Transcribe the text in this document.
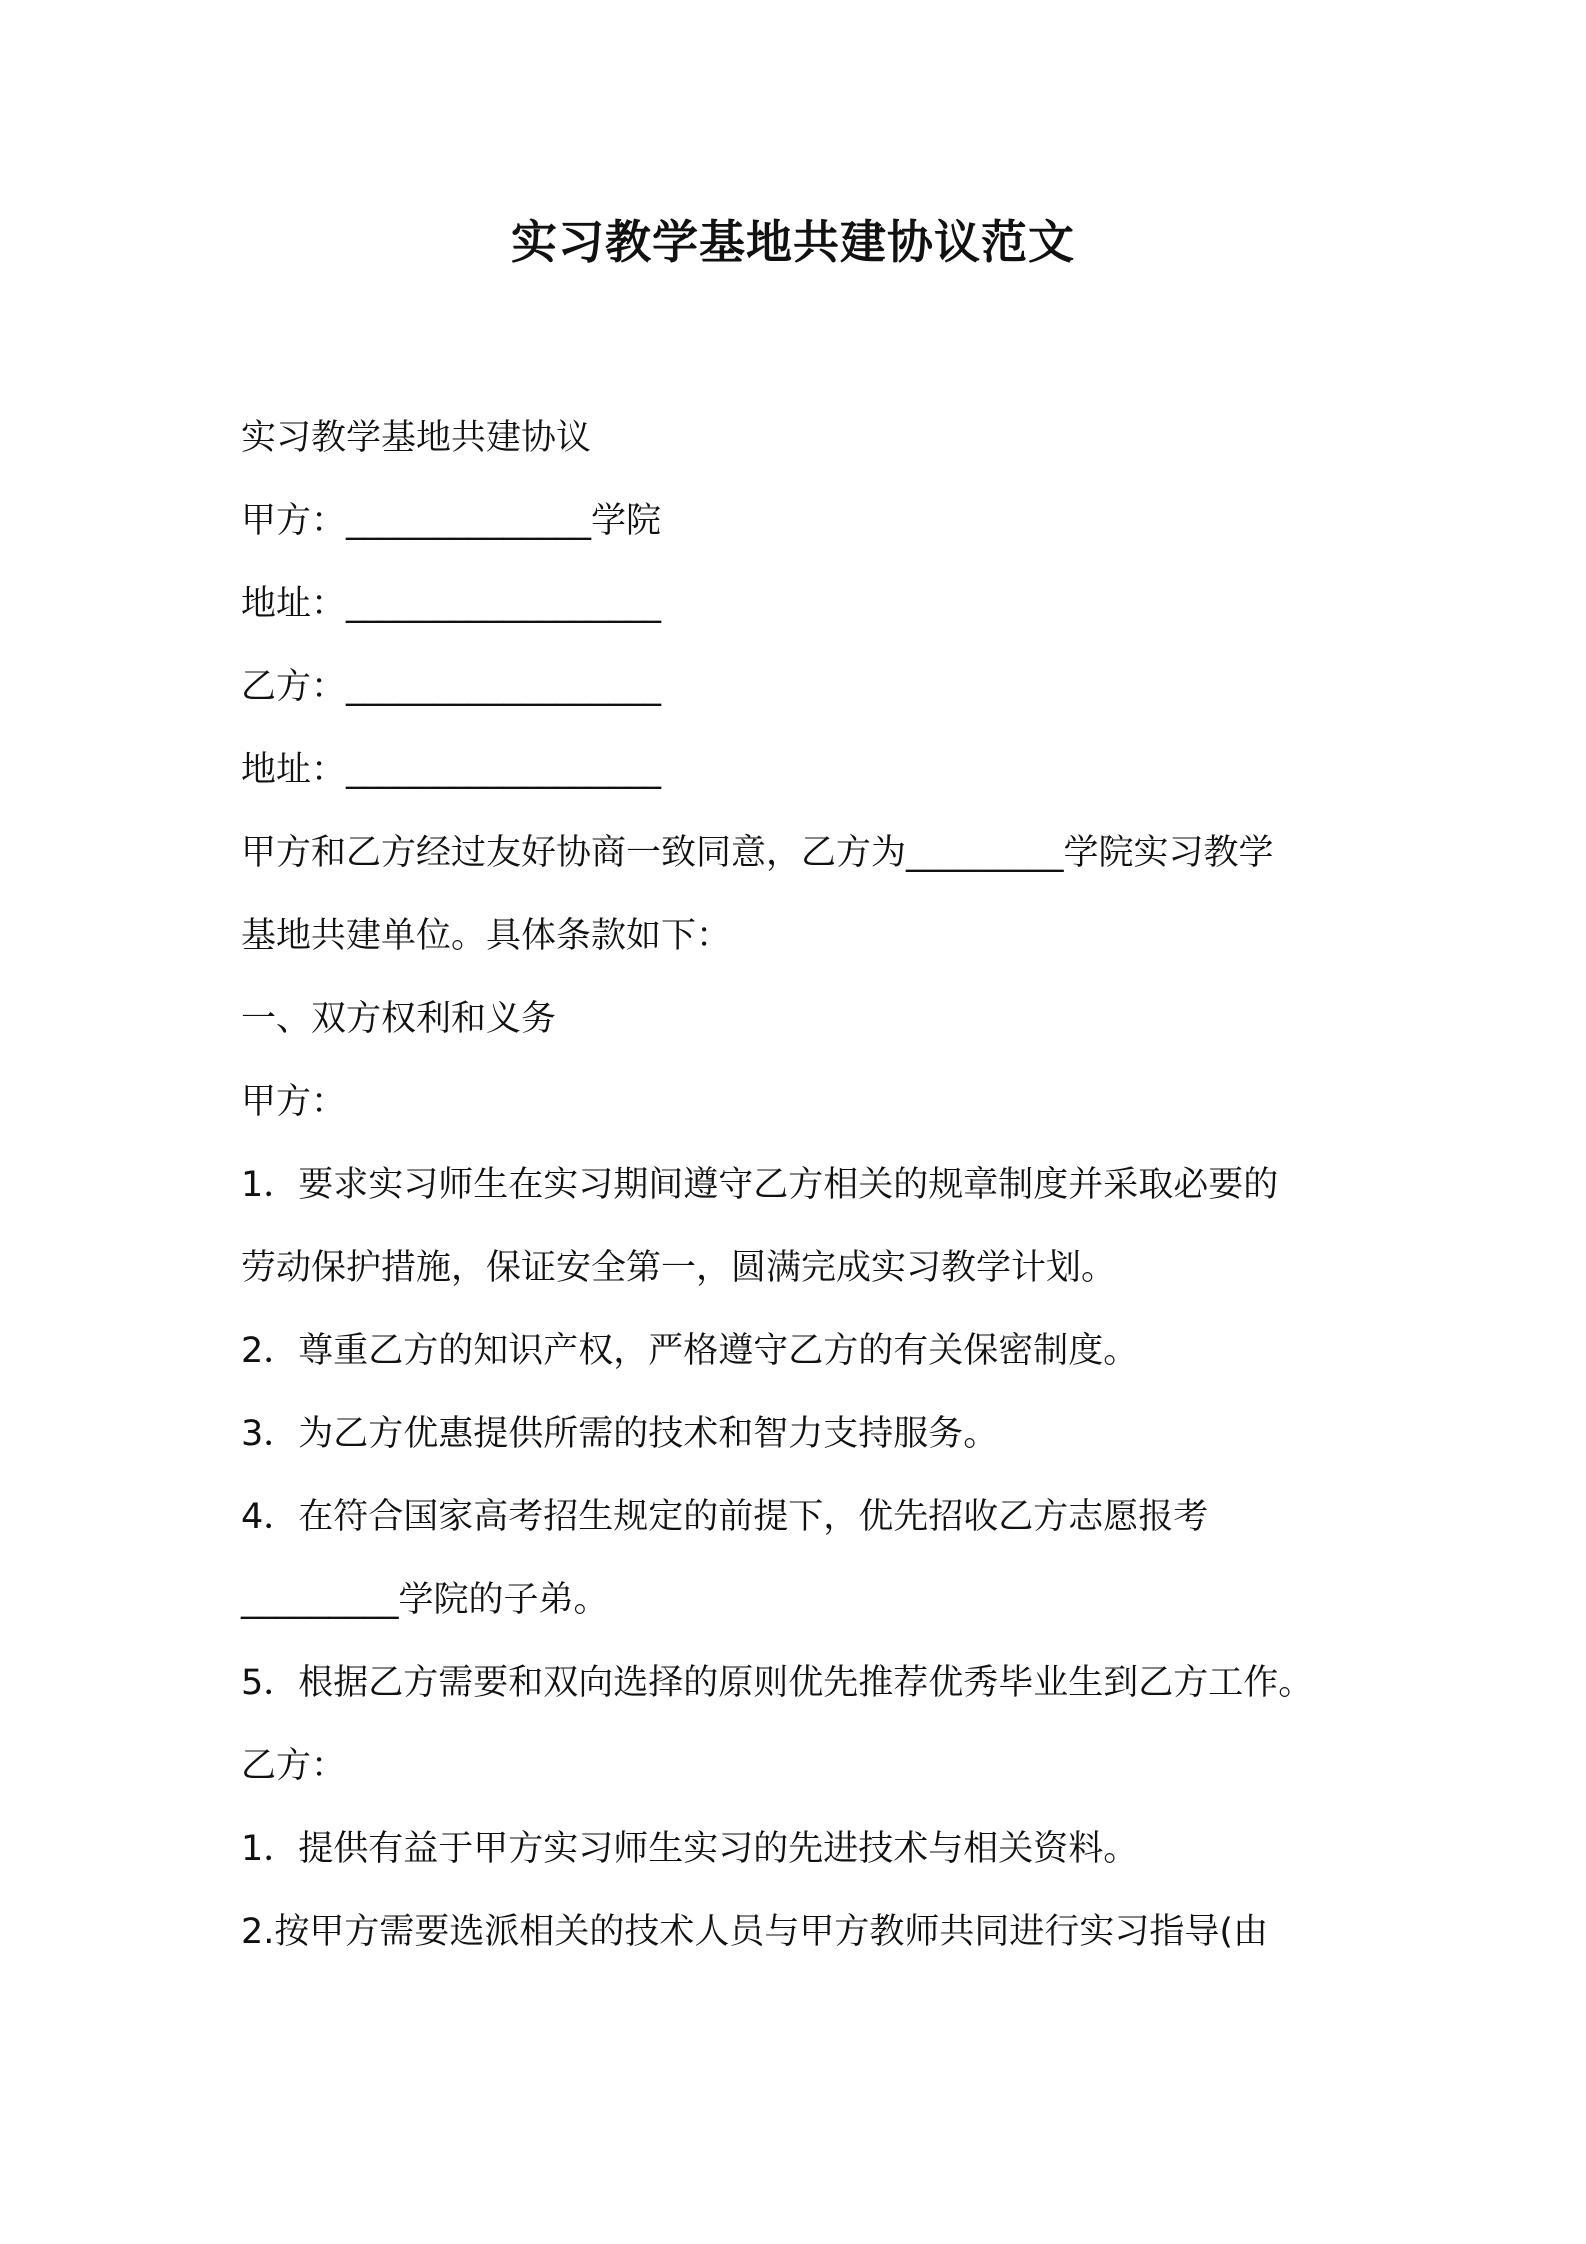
实习教学基地共建协议范文
实习教学基地共建协议
甲方：______________学院
地址：__________________
乙方：__________________
地址：__________________
甲方和乙方经过友好协商一致同意，乙方为_________学院实习教学
基地共建单位。具体条款如下：
一、双方权利和义务
甲方：
1．要求实习师生在实习期间遵守乙方相关的规章制度并采取必要的
劳动保护措施，保证安全第一，圆满完成实习教学计划。
2．尊重乙方的知识产权，严格遵守乙方的有关保密制度。
3．为乙方优惠提供所需的技术和智力支持服务。
4．在符合国家高考招生规定的前提下，优先招收乙方志愿报考
_________学院的子弟。
5．根据乙方需要和双向选择的原则优先推荐优秀毕业生到乙方工作。
乙方：
1．提供有益于甲方实习师生实习的先进技术与相关资料。
2.按甲方需要选派相关的技术人员与甲方教师共同进行实习指导(由
